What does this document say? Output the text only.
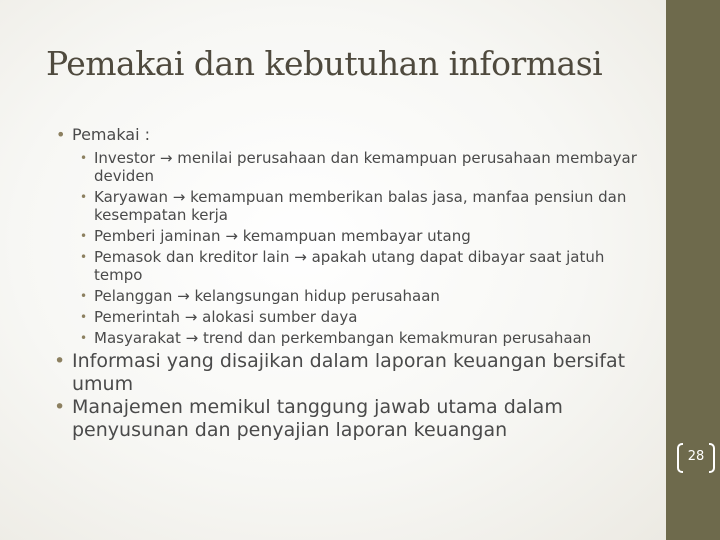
Pemakai dan kebutuhan informasi
• Pemakai :
• Investor → menilai perusahaan dan kemampuan perusahaan membayar deviden
• Karyawan → kemampuan memberikan balas jasa, manfaa pensiun dan kesempatan kerja
• Pemberi jaminan → kemampuan membayar utang
• Pemasok dan kreditor lain → apakah utang dapat dibayar saat jatuh tempo
• Pelanggan → kelangsungan hidup perusahaan
• Pemerintah → alokasi sumber daya
• Masyarakat → trend dan perkembangan kemakmuran perusahaan
• Informasi yang disajikan dalam laporan keuangan bersifat umum
• Manajemen memikul tanggung jawab utama dalam penyusunan dan penyajian laporan keuangan
28
